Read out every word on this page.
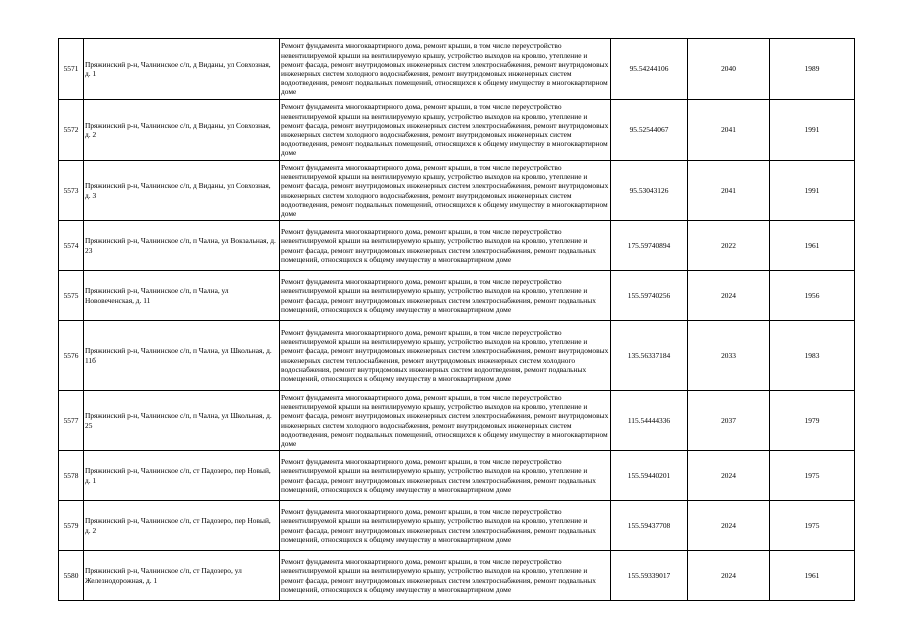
5571	Пряжинский р-н, Чалнинское с/п, д Виданы, ул Совхозная, д. 1	Ремонт фундамента многоквартирного дома, ремонт крыши, в том числе переустройство невентилируемой крыши на вентилируемую крышу, устройство выходов на кровлю, утепление и ремонт фасада, ремонт внутридомовых инженерных систем электроснабжения, ремонт внутридомовых инженерных систем холодного водоснабжения, ремонт внутридомовых инженерных систем водоотведения, ремонт подвальных помещений, относящихся к общему имуществу в многоквартирном доме	95.54244106	2040	1989
5572	Пряжинский р-н, Чалнинское с/п, д Виданы, ул Совхозная, д. 2	Ремонт фундамента многоквартирного дома, ремонт крыши, в том числе переустройство невентилируемой крыши на вентилируемую крышу, устройство выходов на кровлю, утепление и ремонт фасада, ремонт внутридомовых инженерных систем электроснабжения, ремонт внутридомовых инженерных систем холодного водоснабжения, ремонт внутридомовых инженерных систем водоотведения, ремонт подвальных помещений, относящихся к общему имуществу в многоквартирном доме	95.52544067	2041	1991
5573	Пряжинский р-н, Чалнинское с/п, д Виданы, ул Совхозная, д. 3	Ремонт фундамента многоквартирного дома, ремонт крыши, в том числе переустройство невентилируемой крыши на вентилируемую крышу, устройство выходов на кровлю, утепление и ремонт фасада, ремонт внутридомовых инженерных систем электроснабжения, ремонт внутридомовых инженерных систем холодного водоснабжения, ремонт внутридомовых инженерных систем водоотведения, ремонт подвальных помещений, относящихся к общему имуществу в многоквартирном доме	95.53043126	2041	1991
5574	Пряжинский р-н, Чалнинское с/п, п Чална, ул Вокзальная, д. 23	Ремонт фундамента многоквартирного дома, ремонт крыши, в том числе переустройство невентилируемой крыши на вентилируемую крышу, устройство выходов на кровлю, утепление и ремонт фасада, ремонт внутридомовых инженерных систем электроснабжения, ремонт подвальных помещений, относящихся к общему имуществу в многоквартирном доме	175.59740894	2022	1961
5575	Пряжинский р-н, Чалнинское с/п, п Чална, ул Нововеченская, д. 11	Ремонт фундамента многоквартирного дома, ремонт крыши, в том числе переустройство невентилируемой крыши на вентилируемую крышу, устройство выходов на кровлю, утепление и ремонт фасада, ремонт внутридомовых инженерных систем электроснабжения, ремонт подвальных помещений, относящихся к общему имуществу в многоквартирном доме	155.59740256	2024	1956
5576	Пряжинский р-н, Чалнинское с/п, п Чална, ул Школьная, д. 11б	Ремонт фундамента многоквартирного дома, ремонт крыши, в том числе переустройство невентилируемой крыши на вентилируемую крышу, устройство выходов на кровлю, утепление и ремонт фасада, ремонт внутридомовых инженерных систем электроснабжения, ремонт внутридомовых инженерных систем теплоснабжения, ремонт внутридомовых инженерных систем холодного водоснабжения, ремонт внутридомовых инженерных систем водоотведения, ремонт подвальных помещений, относящихся к общему имуществу в многоквартирном доме	135.56337184	2033	1983
5577	Пряжинский р-н, Чалнинское с/п, п Чална, ул Школьная, д. 25	Ремонт фундамента многоквартирного дома, ремонт крыши, в том числе переустройство невентилируемой крыши на вентилируемую крышу, устройство выходов на кровлю, утепление и ремонт фасада, ремонт внутридомовых инженерных систем электроснабжения, ремонт внутридомовых инженерных систем холодного водоснабжения, ремонт внутридомовых инженерных систем водоотведения, ремонт подвальных помещений, относящихся к общему имуществу в многоквартирном доме	115.54444336	2037	1979
5578	Пряжинский р-н, Чалнинское с/п, ст Падозеро, пер Новый, д. 1	Ремонт фундамента многоквартирного дома, ремонт крыши, в том числе переустройство невентилируемой крыши на вентилируемую крышу, устройство выходов на кровлю, утепление и ремонт фасада, ремонт внутридомовых инженерных систем электроснабжения, ремонт подвальных помещений, относящихся к общему имуществу в многоквартирном доме	155.59440201	2024	1975
5579	Пряжинский р-н, Чалнинское с/п, ст Падозеро, пер Новый, д. 2	Ремонт фундамента многоквартирного дома, ремонт крыши, в том числе переустройство невентилируемой крыши на вентилируемую крышу, устройство выходов на кровлю, утепление и ремонт фасада, ремонт внутридомовых инженерных систем электроснабжения, ремонт подвальных помещений, относящихся к общему имуществу в многоквартирном доме	155.59437708	2024	1975
5580	Пряжинский р-н, Чалнинское с/п, ст Падозеро, ул Железнодорожная, д. 1	Ремонт фундамента многоквартирного дома, ремонт крыши, в том числе переустройство невентилируемой крыши на вентилируемую крышу, устройство выходов на кровлю, утепление и ремонт фасада, ремонт внутридомовых инженерных систем электроснабжения, ремонт подвальных помещений, относящихся к общему имуществу в многоквартирном доме	155.59339017	2024	1961
